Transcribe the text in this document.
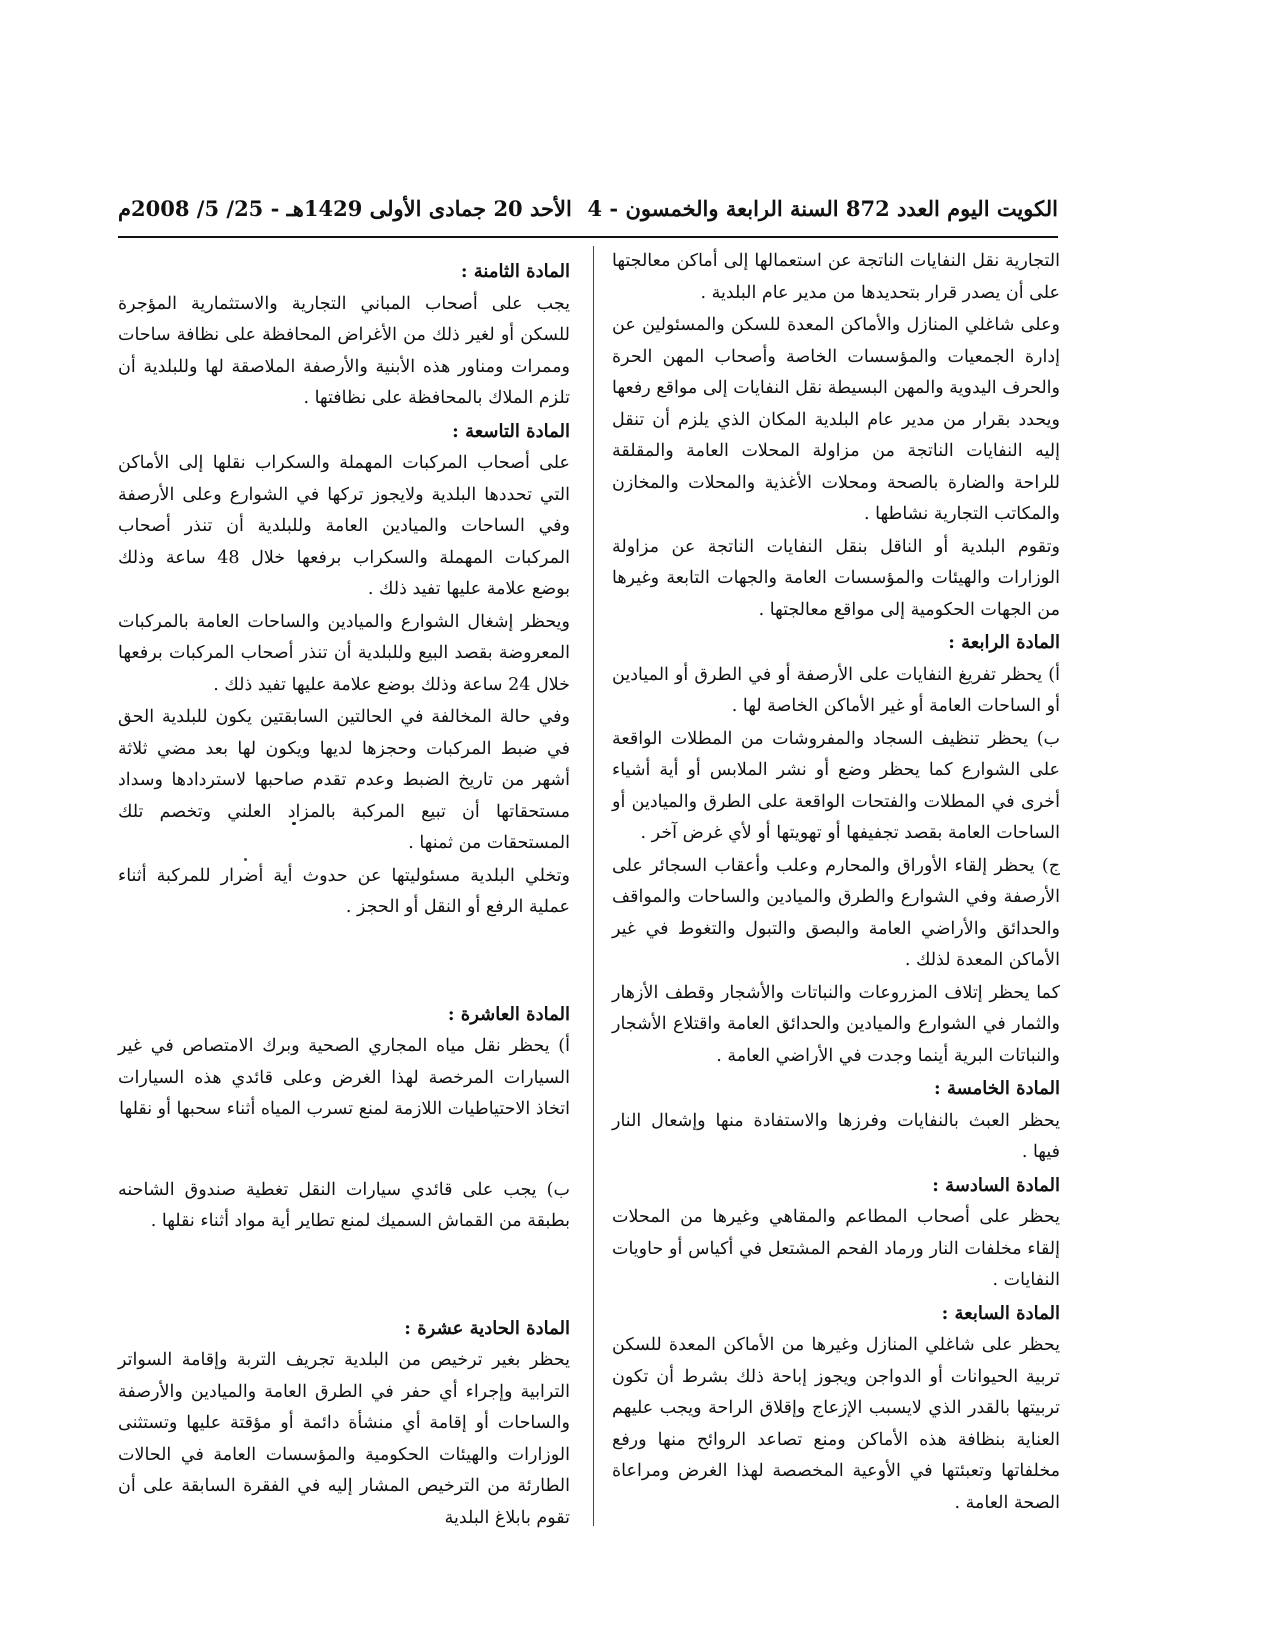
الكويت اليوم العدد 872 السنة الرابعة والخمسون - 4
الأحد 20 جمادى الأولى 1429هـ - 25/ 5/ 2008م

التجارية نقل النفايات الناتجة عن استعمالها إلى أماكن معالجتها على أن يصدر قرار بتحديدها من مدير عام البلدية .

وعلى شاغلي المنازل والأماكن المعدة للسكن والمسئولين عن إدارة الجمعيات والمؤسسات الخاصة وأصحاب المهن الحرة والحرف اليدوية والمهن البسيطة نقل النفايات إلى مواقع رفعها ويحدد بقرار من مدير عام البلدية المكان الذي يلزم أن تنقل إليه النفايات الناتجة من مزاولة المحلات العامة والمقلقة للراحة والضارة بالصحة ومحلات الأغذية والمحلات والمخازن والمكاتب التجارية نشاطها .

وتقوم البلدية أو الناقل بنقل النفايات الناتجة عن مزاولة الوزارات والهيئات والمؤسسات العامة والجهات التابعة وغيرها من الجهات الحكومية إلى مواقع معالجتها .

المادة الرابعة :

أ) يحظر تفريغ النفايات على الأرصفة أو في الطرق أو الميادين أو الساحات العامة أو غير الأماكن الخاصة لها .

ب) يحظر تنظيف السجاد والمفروشات من المطلات الواقعة على الشوارع كما يحظر وضع أو نشر الملابس أو أية أشياء أخرى في المطلات والفتحات الواقعة على الطرق والميادين أو الساحات العامة بقصد تجفيفها أو تهويتها أو لأي غرض آخر .

ج) يحظر إلقاء الأوراق والمحارم وعلب وأعقاب السجائر على الأرصفة وفي الشوارع والطرق والميادين والساحات والمواقف والحدائق والأراضي العامة والبصق والتبول والتغوط في غير الأماكن المعدة لذلك .

كما يحظر إتلاف المزروعات والنباتات والأشجار وقطف الأزهار والثمار في الشوارع والميادين والحدائق العامة واقتلاع الأشجار والنباتات البرية أينما وجدت في الأراضي العامة .

المادة الخامسة :

يحظر العبث بالنفايات وفرزها والاستفادة منها وإشعال النار فيها .

المادة السادسة :

يحظر على أصحاب المطاعم والمقاهي وغيرها من المحلات إلقاء مخلفات النار ورماد الفحم المشتعل في أكياس أو حاويات النفايات .

المادة السابعة :

يحظر على شاغلي المنازل وغيرها من الأماكن المعدة للسكن تربية الحيوانات أو الدواجن ويجوز إباحة ذلك بشرط أن تكون تربيتها بالقدر الذي لايسبب الإزعاج وإقلاق الراحة ويجب عليهم العناية بنظافة هذه الأماكن ومنع تصاعد الروائح منها ورفع مخلفاتها وتعبئتها في الأوعية المخصصة لهذا الغرض ومراعاة الصحة العامة .

المادة الثامنة :

يجب على أصحاب المباني التجارية والاستثمارية المؤجرة للسكن أو لغير ذلك من الأغراض المحافظة على نظافة ساحات وممرات ومناور هذه الأبنية والأرصفة الملاصقة لها وللبلدية أن تلزم الملاك بالمحافظة على نظافتها .

المادة التاسعة :

على أصحاب المركبات المهملة والسكراب نقلها إلى الأماكن التي تحددها البلدية ولايجوز تركها في الشوارع وعلى الأرصفة وفي الساحات والميادين العامة وللبلدية أن تنذر أصحاب المركبات المهملة والسكراب برفعها خلال 48 ساعة وذلك بوضع علامة عليها تفيد ذلك .

ويحظر إشغال الشوارع والميادين والساحات العامة بالمركبات المعروضة بقصد البيع وللبلدية أن تنذر أصحاب المركبات برفعها خلال 24 ساعة وذلك بوضع علامة عليها تفيد ذلك .

وفي حالة المخالفة في الحالتين السابقتين يكون للبلدية الحق في ضبط المركبات وحجزها لديها ويكون لها بعد مضي ثلاثة أشهر من تاريخ الضبط وعدم تقدم صاحبها لاستردادها وسداد مستحقاتها أن تبيع المركبة بالمزاد العلني وتخصم تلك المستحقات من ثمنها .

وتخلي البلدية مسئوليتها عن حدوث أية أضرار للمركبة أثناء عملية الرفع أو النقل أو الحجز .

المادة العاشرة :

أ) يحظر نقل مياه المجاري الصحية وبرك الامتصاص في غير السيارات المرخصة لهذا الغرض وعلى قائدي هذه السيارات اتخاذ الاحتياطيات اللازمة لمنع تسرب المياه أثناء سحبها أو نقلها

ب) يجب على قائدي سيارات النقل تغطية صندوق الشاحنه بطبقة من القماش السميك لمنع تطاير أية مواد أثناء نقلها .

المادة الحادية عشرة :

يحظر بغير ترخيص من البلدية تجريف التربة وإقامة السواتر الترابية وإجراء أي حفر في الطرق العامة والميادين والأرصفة والساحات أو إقامة أي منشأة دائمة أو مؤقتة عليها وتستثنى الوزارات والهيئات الحكومية والمؤسسات العامة في الحالات الطارئة من الترخيص المشار إليه في الفقرة السابقة على أن تقوم بابلاغ البلدية
